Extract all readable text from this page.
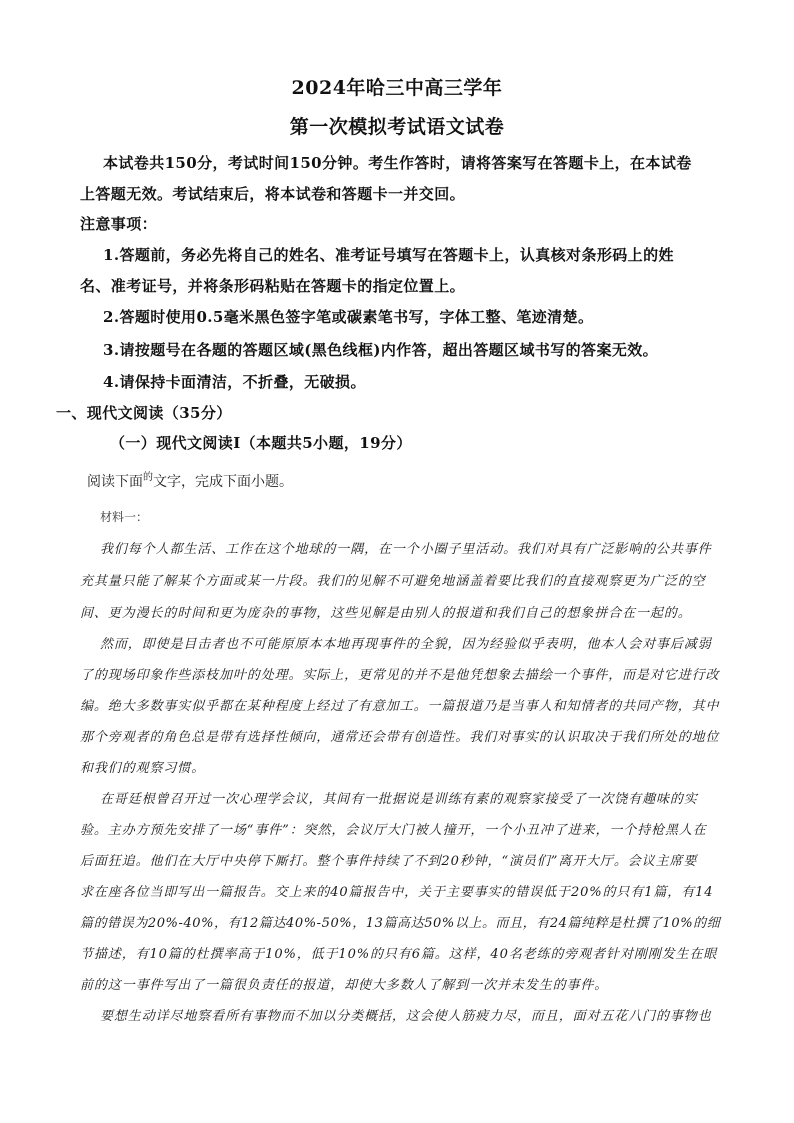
2024年哈三中高三学年
第一次模拟考试语文试卷
本试卷共150分，考试时间150分钟。考生作答时，请将答案写在答题卡上，在本试卷
上答题无效。考试结束后，将本试卷和答题卡一并交回。
注意事项：
1.答题前，务必先将自己的姓名、准考证号填写在答题卡上，认真核对条形码上的姓
名、准考证号，并将条形码粘贴在答题卡的指定位置上。
2.答题时使用0.5毫米黑色签字笔或碳素笔书写，字体工整、笔迹清楚。
3.请按题号在各题的答题区域(黑色线框)内作答，超出答题区域书写的答案无效。
4.请保持卡面清洁，不折叠，无破损。
一、现代文阅读（35分）
（一）现代文阅读Ⅰ（本题共5小题，19分）
阅读下面$^的$文字，完成下面小题。
材料一：
我们每个人都生活、工作在这个地球的一隅，在一个小圈子里活动。我们对具有广泛影响的公共事件
充其量只能了解某个方面或某一片段。我们的见解不可避免地涵盖着要比我们的直接观察更为广泛的空
间、更为漫长的时间和更为庞杂的事物，这些见解是由别人的报道和我们自己的想象拼合在一起的。
然而，即使是目击者也不可能原原本本地再现事件的全貌，因为经验似乎表明，他本人会对事后减弱
了的现场印象作些添枝加叶的处理。实际上，更常见的并不是他凭想象去描绘一个事件，而是对它进行改
编。绝大多数事实似乎都在某种程度上经过了有意加工。一篇报道乃是当事人和知情者的共同产物，其中
那个旁观者的角色总是带有选择性倾向，通常还会带有创造性。我们对事实的认识取决于我们所处的地位
和我们的观察习惯。
在哥廷根曾召开过一次心理学会议，其间有一批据说是训练有素的观察家接受了一次饶有趣味的实
验。主办方预先安排了一场“事件”：突然，会议厅大门被人撞开，一个小丑冲了进来，一个持枪黑人在
后面狂追。他们在大厅中央停下厮打。整个事件持续了不到20秒钟，“演员们”离开大厅。会议主席要
求在座各位当即写出一篇报告。交上来的40篇报告中，关于主要事实的错误低于20%的只有1篇，有14
篇的错误为20%-40%，有12篇达40%-50%，13篇高达50%以上。而且，有24篇纯粹是杜撰了10%的细
节描述，有10篇的杜撰率高于10%，低于10%的只有6篇。这样，40名老练的旁观者针对刚刚发生在眼
前的这一事件写出了一篇很负责任的报道，却使大多数人了解到一次并未发生的事件。
要想生动详尽地察看所有事物而不加以分类概括，这会使人筋疲力尽，而且，面对五花八门的事物也
